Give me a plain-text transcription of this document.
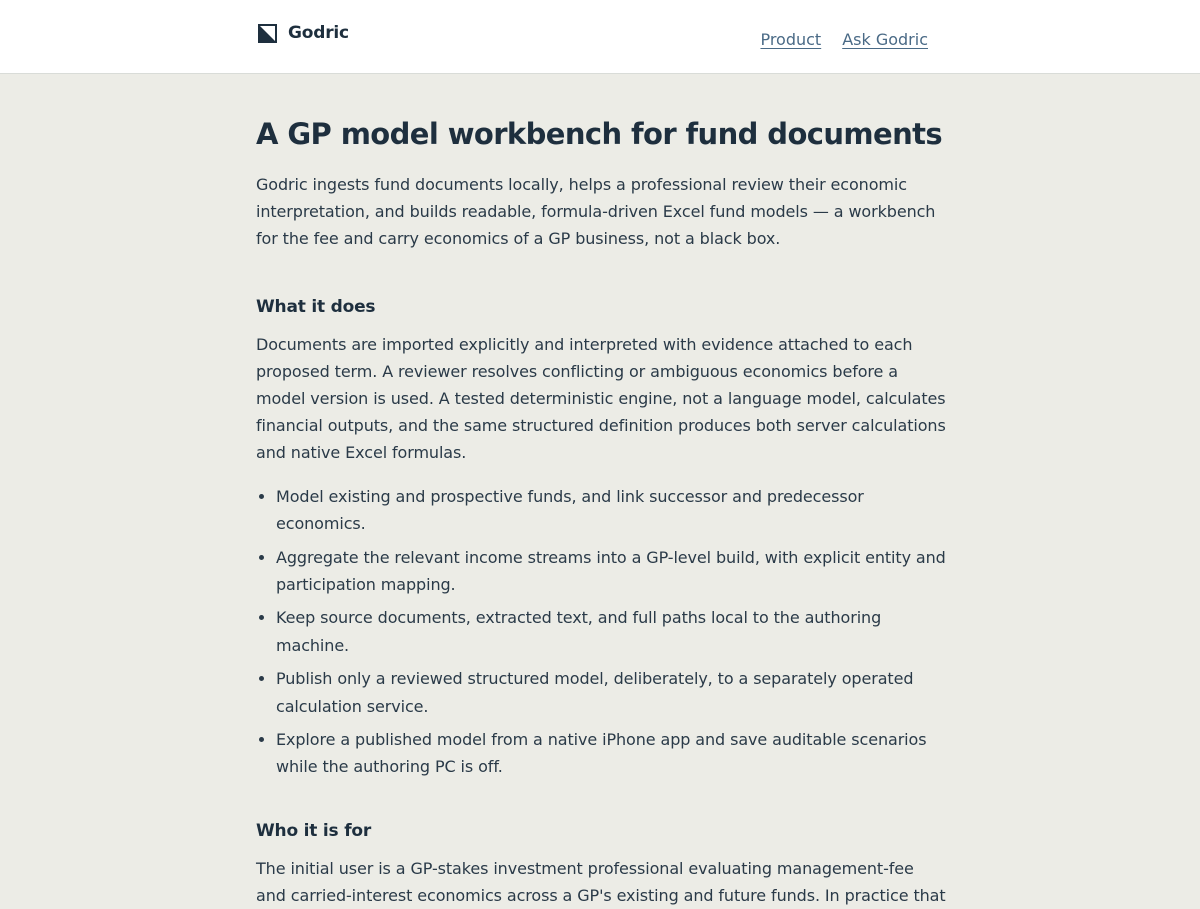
Godric	Product Ask Godric
A GP model workbench for fund documents

Godric ingests fund documents locally, helps a professional review their economic interpretation, and builds readable, formula-driven Excel fund models — a workbench for the fee and carry economics of a GP business, not a black box.

What it does

Documents are imported explicitly and interpreted with evidence attached to each proposed term. A reviewer resolves conflicting or ambiguous economics before a model version is used. A tested deterministic engine, not a language model, calculates financial outputs, and the same structured definition produces both server calculations and native Excel formulas.

• Model existing and prospective funds, and link successor and predecessor economics.
• Aggregate the relevant income streams into a GP-level build, with explicit entity and participation mapping.
• Keep source documents, extracted text, and full paths local to the authoring machine.
• Publish only a reviewed structured model, deliberately, to a separately operated calculation service.
• Explore a published model from a native iPhone app and save auditable scenarios while the authoring PC is off.
Who it is for

The initial user is a GP-stakes investment professional evaluating management-fee and carried-interest economics across a GP's existing and future funds. In practice that
